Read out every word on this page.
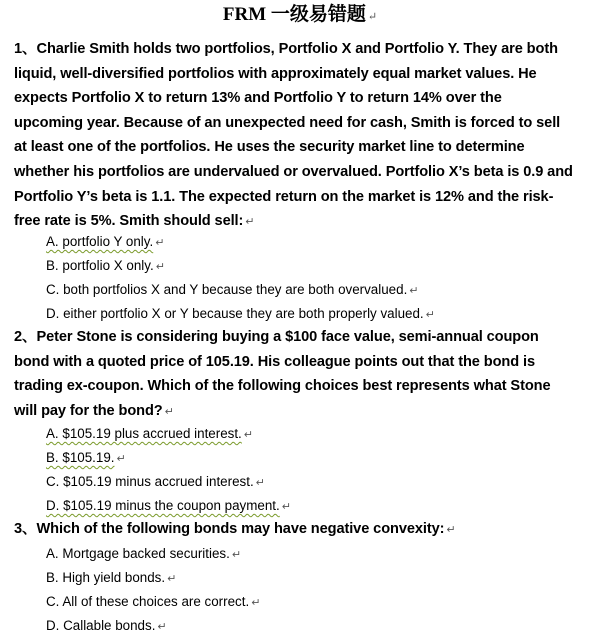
FRM 一级易错题 ↵
1、Charlie Smith holds two portfolios, Portfolio X and Portfolio Y. They are both liquid, well-diversified portfolios with approximately equal market values. He expects Portfolio X to return 13% and Portfolio Y to return 14% over the upcoming year. Because of an unexpected need for cash, Smith is forced to sell at least one of the portfolios. He uses the security market line to determine whether his portfolios are undervalued or overvalued. Portfolio X’s beta is 0.9 and Portfolio Y’s beta is 1.1. The expected return on the market is 12% and the risk-free rate is 5%. Smith should sell: ↵
A. portfolio Y only. ↵
B. portfolio X only. ↵
C. both portfolios X and Y because they are both overvalued. ↵
D. either portfolio X or Y because they are both properly valued. ↵
2、Peter Stone is considering buying a $100 face value, semi-annual coupon bond with a quoted price of 105.19. His colleague points out that the bond is trading ex-coupon. Which of the following choices best represents what Stone will pay for the bond? ↵
A. $105.19 plus accrued interest. ↵
B. $105.19. ↵
C. $105.19 minus accrued interest. ↵
D. $105.19 minus the coupon payment. ↵
3、Which of the following bonds may have negative convexity: ↵
A. Mortgage backed securities. ↵
B. High yield bonds. ↵
C. All of these choices are correct. ↵
D. Callable bonds. ↵
